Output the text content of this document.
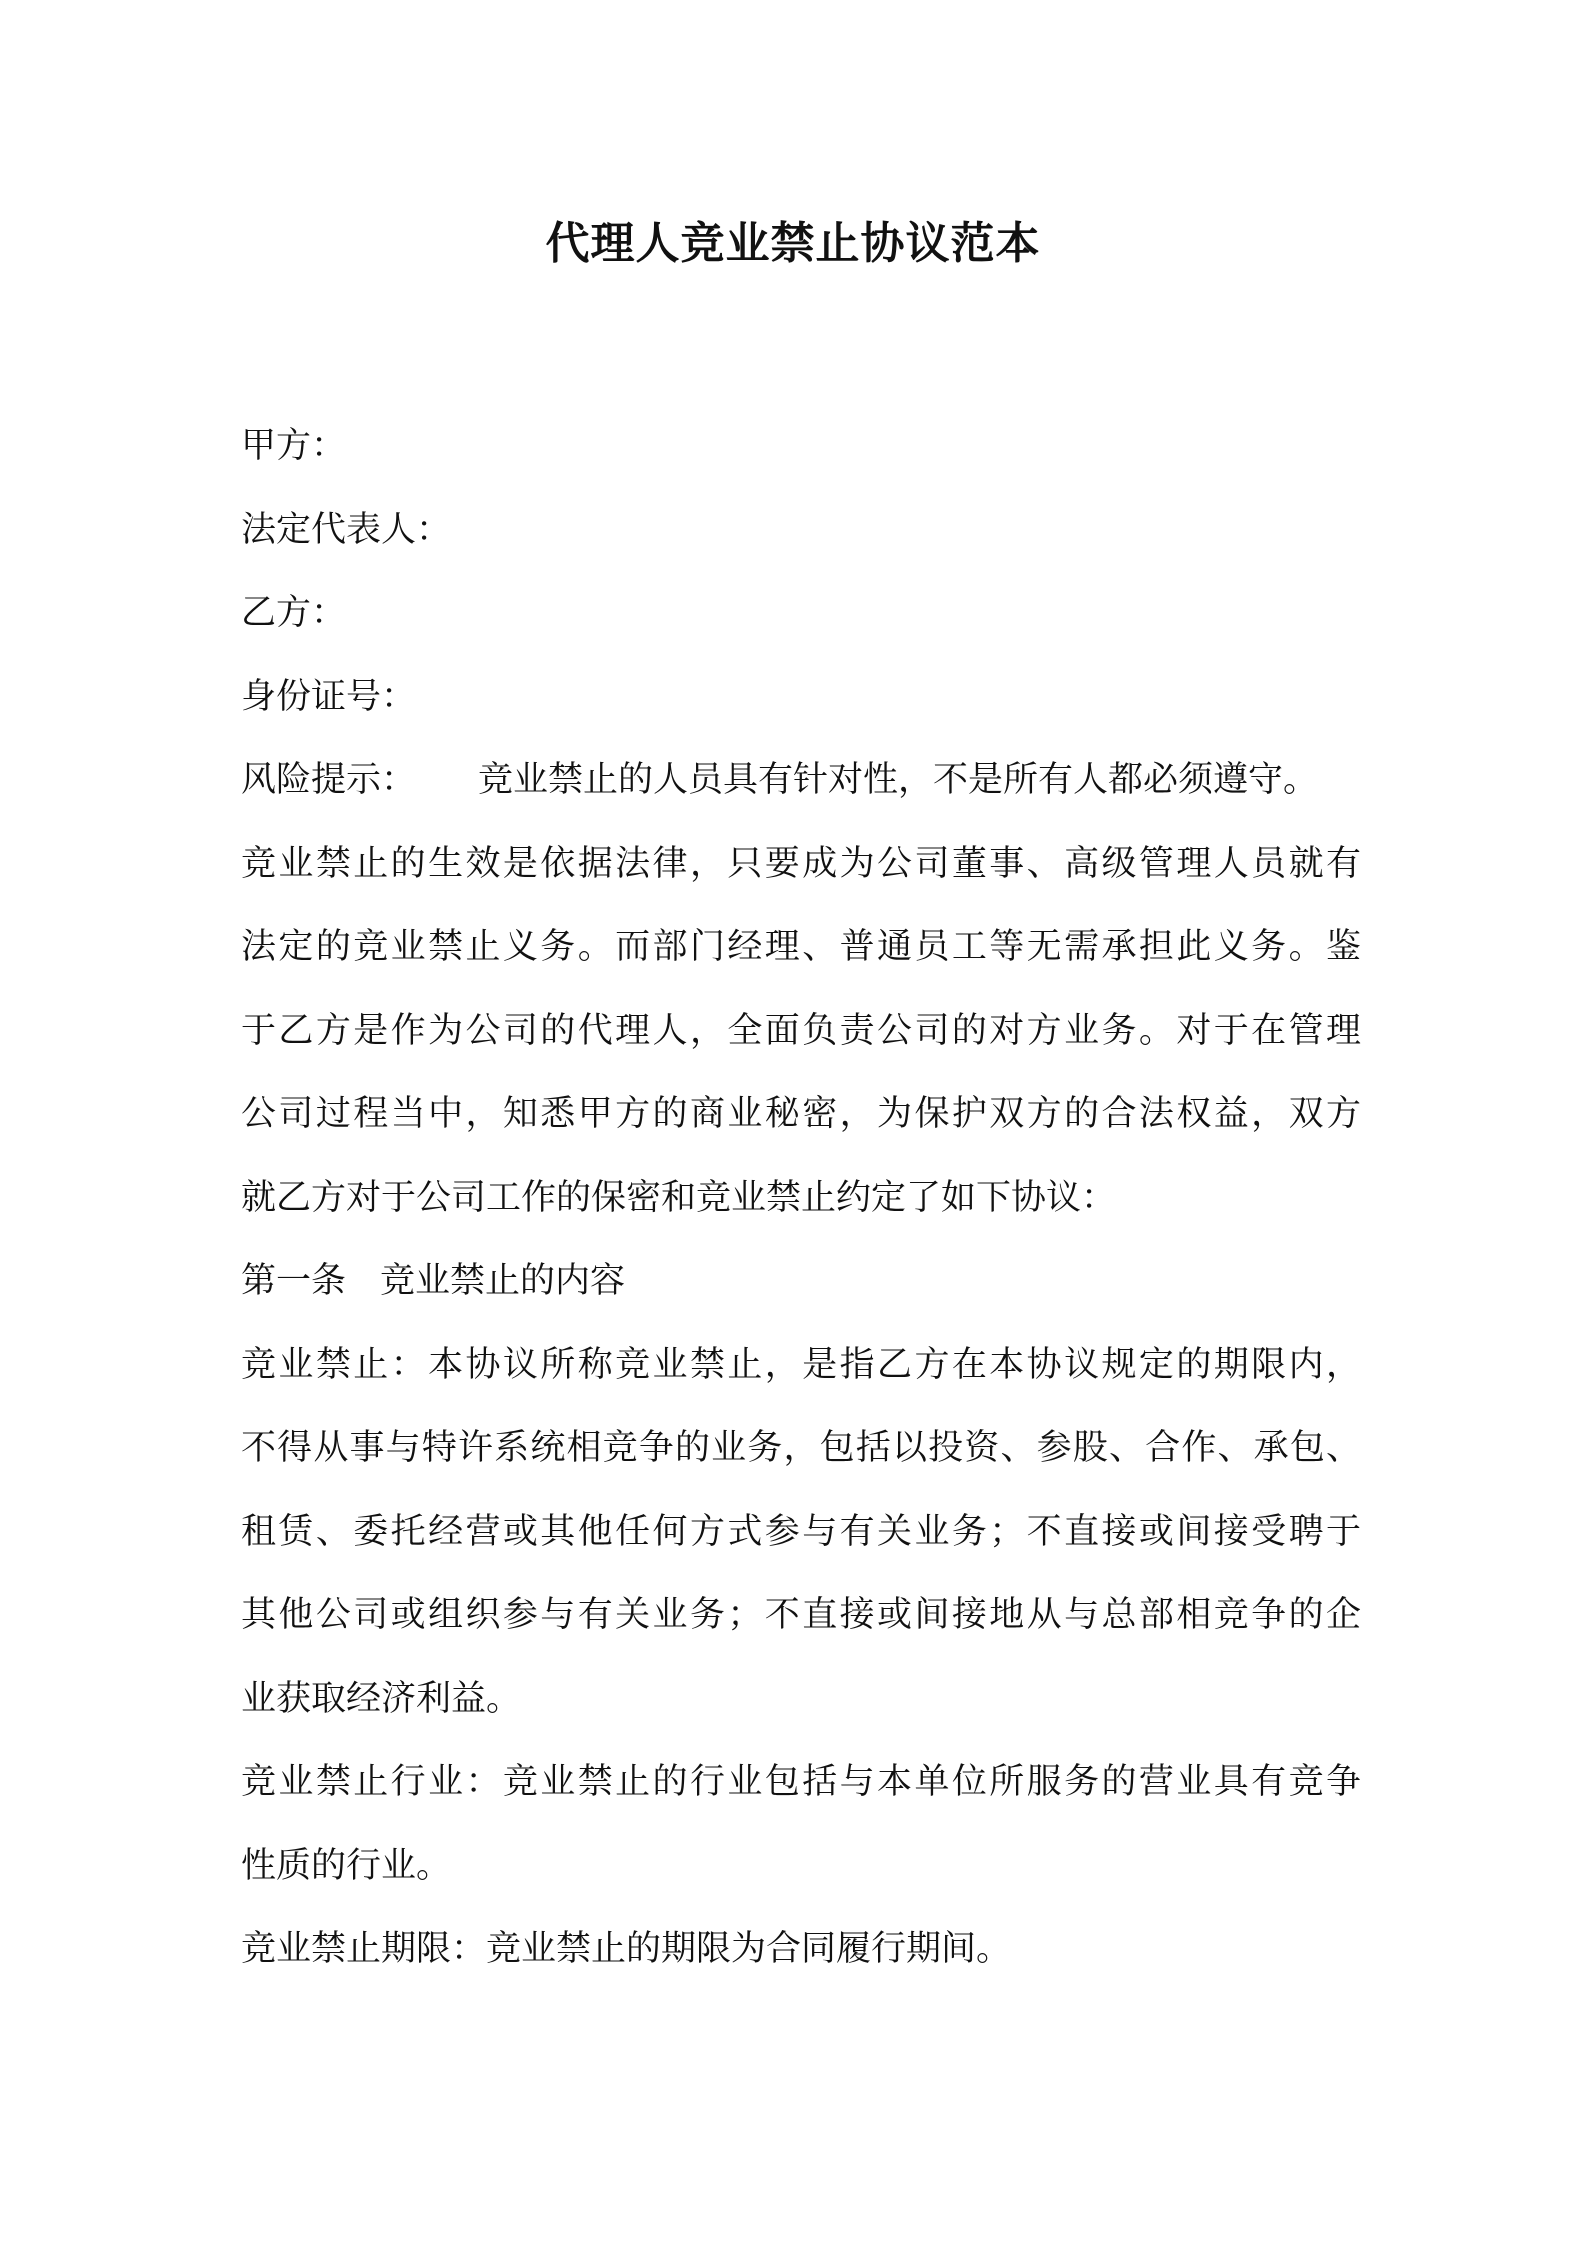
代理人竞业禁止协议范本
甲方：
法定代表人：
乙方：
身份证号：
风险提示： 竞业禁止的人员具有针对性，不是所有人都必须遵守。
竞业禁止的生效是依据法律，只要成为公司董事、高级管理人员就有
法定的竞业禁止义务。而部门经理、普通员工等无需承担此义务。鉴
于乙方是作为公司的代理人，全面负责公司的对方业务。对于在管理
公司过程当中，知悉甲方的商业秘密，为保护双方的合法权益，双方
就乙方对于公司工作的保密和竞业禁止约定了如下协议：
第一条 竞业禁止的内容
竞业禁止：本协议所称竞业禁止，是指乙方在本协议规定的期限内，
不得从事与特许系统相竞争的业务，包括以投资、参股、合作、承包、
租赁、委托经营或其他任何方式参与有关业务；不直接或间接受聘于
其他公司或组织参与有关业务；不直接或间接地从与总部相竞争的企
业获取经济利益。
竞业禁止行业：竞业禁止的行业包括与本单位所服务的营业具有竞争
性质的行业。
竞业禁止期限：竞业禁止的期限为合同履行期间。
